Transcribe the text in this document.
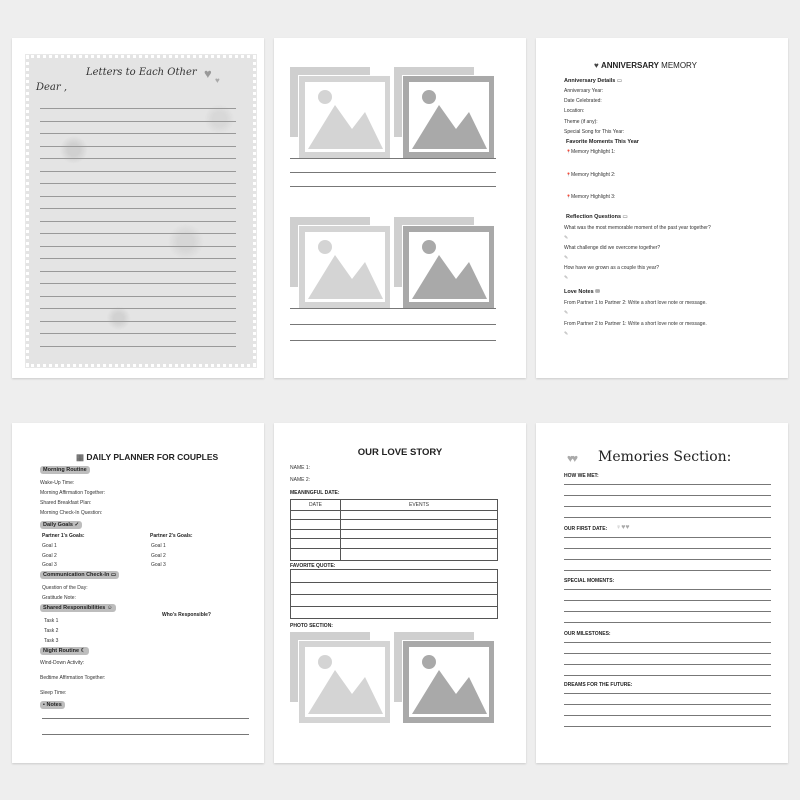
Letters to Each Other ♥ ♥
Dear ,
♥ ANNIVERSARY MEMORY
Anniversary Details ▭
Anniversary Year:
Date Celebrated:
Location:
Theme (if any):
Special Song for This Year:
Favorite Moments This Year
📍Memory Highlight 1:
📍Memory Highlight 2:
📍Memory Highlight 3:
Reflection Questions ▭
What was the most memorable moment of the past year together?
✎
What challenge did we overcome together?
✎
How have we grown as a couple this year?
✎
Love Notes ✉
From Partner 1 to Partner 2: Write a short love note or message.
✎
From Partner 2 to Partner 1: Write a short love note or message.
✎
▦ DAILY PLANNER FOR COUPLES
Morning Routine
Wake-Up Time:
Morning Affirmation Together:
Shared Breakfast Plan:
Morning Check-In Question:
Daily Goals ✓
Partner 1's Goals:	Partner 2's Goals:
Goal 1	Goal 1
Goal 2	Goal 2
Goal 3	Goal 3
Communication Check-In ▭
Question of the Day:
Gratitude Note:
Shared Responsibilities ☺
Who's Responsible?
Task 1
Task 2
Task 3
Night Routine ☾
Wind-Down Activity:
Bedtime Affirmation Together:
Sleep Time:
▪ Notes
OUR LOVE STORY
NAME 1:
NAME 2:
MEANINGFUL DATE:
DATE	EVENTS
FAVORITE QUOTE:
PHOTO SECTION:
♥♥ Memories Section:
HOW WE MET:
OUR FIRST DATE:
SPECIAL MOMENTS:
OUR MILESTONES:
DREAMS FOR THE FUTURE:
♀♥♥
